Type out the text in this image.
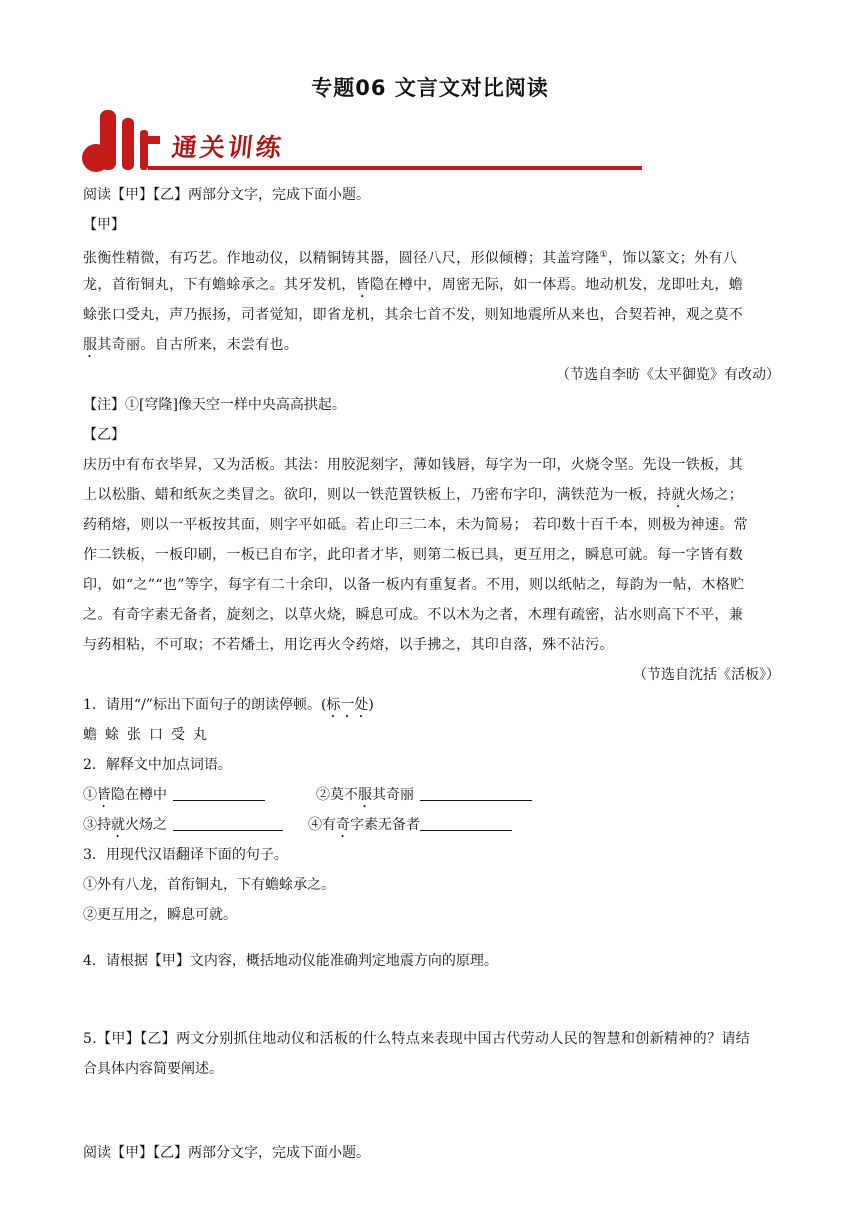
专题06 文言文对比阅读
通关训练
阅读【甲】【乙】两部分文字，完成下面小题。
【甲】
张衡性精微，有巧艺。作地动仪，以精铜铸其器，圆径八尺，形似倾樽；其盖穹隆①，饰以篆文；外有八
龙，首衔铜丸，下有蟾蜍承之。其牙发机，皆隐在樽中，周密无际，如一体焉。地动机发，龙即吐丸，蟾
蜍张口受丸，声乃振扬，司者觉知，即省龙机，其余七首不发，则知地震所从来也，合契若神，观之莫不
服其奇丽。自古所来，未尝有也。
（节选自李昉《太平御览》有改动）
【注】①[穹隆]像天空一样中央高高拱起。
【乙】
庆历中有布衣毕昇，又为活板。其法：用胶泥刻字，薄如钱唇，每字为一印，火烧令坚。先设一铁板，其
上以松脂、蜡和纸灰之类冒之。欲印，则以一铁范置铁板上，乃密布字印，满铁范为一板，持就火炀之；
药稍熔，则以一平板按其面，则字平如砥。若止印三二本，未为简易； 若印数十百千本，则极为神速。常
作二铁板，一板印刷，一板已自布字，此印者才毕，则第二板已具，更互用之，瞬息可就。每一字皆有数
印，如“之”“也”等字，每字有二十余印，以备一板内有重复者。不用，则以纸帖之，每韵为一帖，木格贮
之。有奇字素无备者，旋刻之，以草火烧，瞬息可成。不以木为之者，木理有疏密，沾水则高下不平，兼
与药相粘，不可取；不若燔土，用讫再火令药熔，以手拂之，其印自落，殊不沾污。
（节选自沈括《活板》）
1．请用“/”标出下面句子的朗读停顿。(标一处)
蟾 蜍 张 口 受 丸
2．解释文中加点词语。
①皆隐在樽中	②莫不服其奇丽
③持就火炀之	④有奇字素无备者
3．用现代汉语翻译下面的句子。
①外有八龙，首衔铜丸，下有蟾蜍承之。
②更互用之，瞬息可就。
4．请根据【甲】文内容，概括地动仪能准确判定地震方向的原理。
5.【甲】【乙】两文分别抓住地动仪和活板的什么特点来表现中国古代劳动人民的智慧和创新精神的？请结
合具体内容简要阐述。
阅读【甲】【乙】两部分文字，完成下面小题。
